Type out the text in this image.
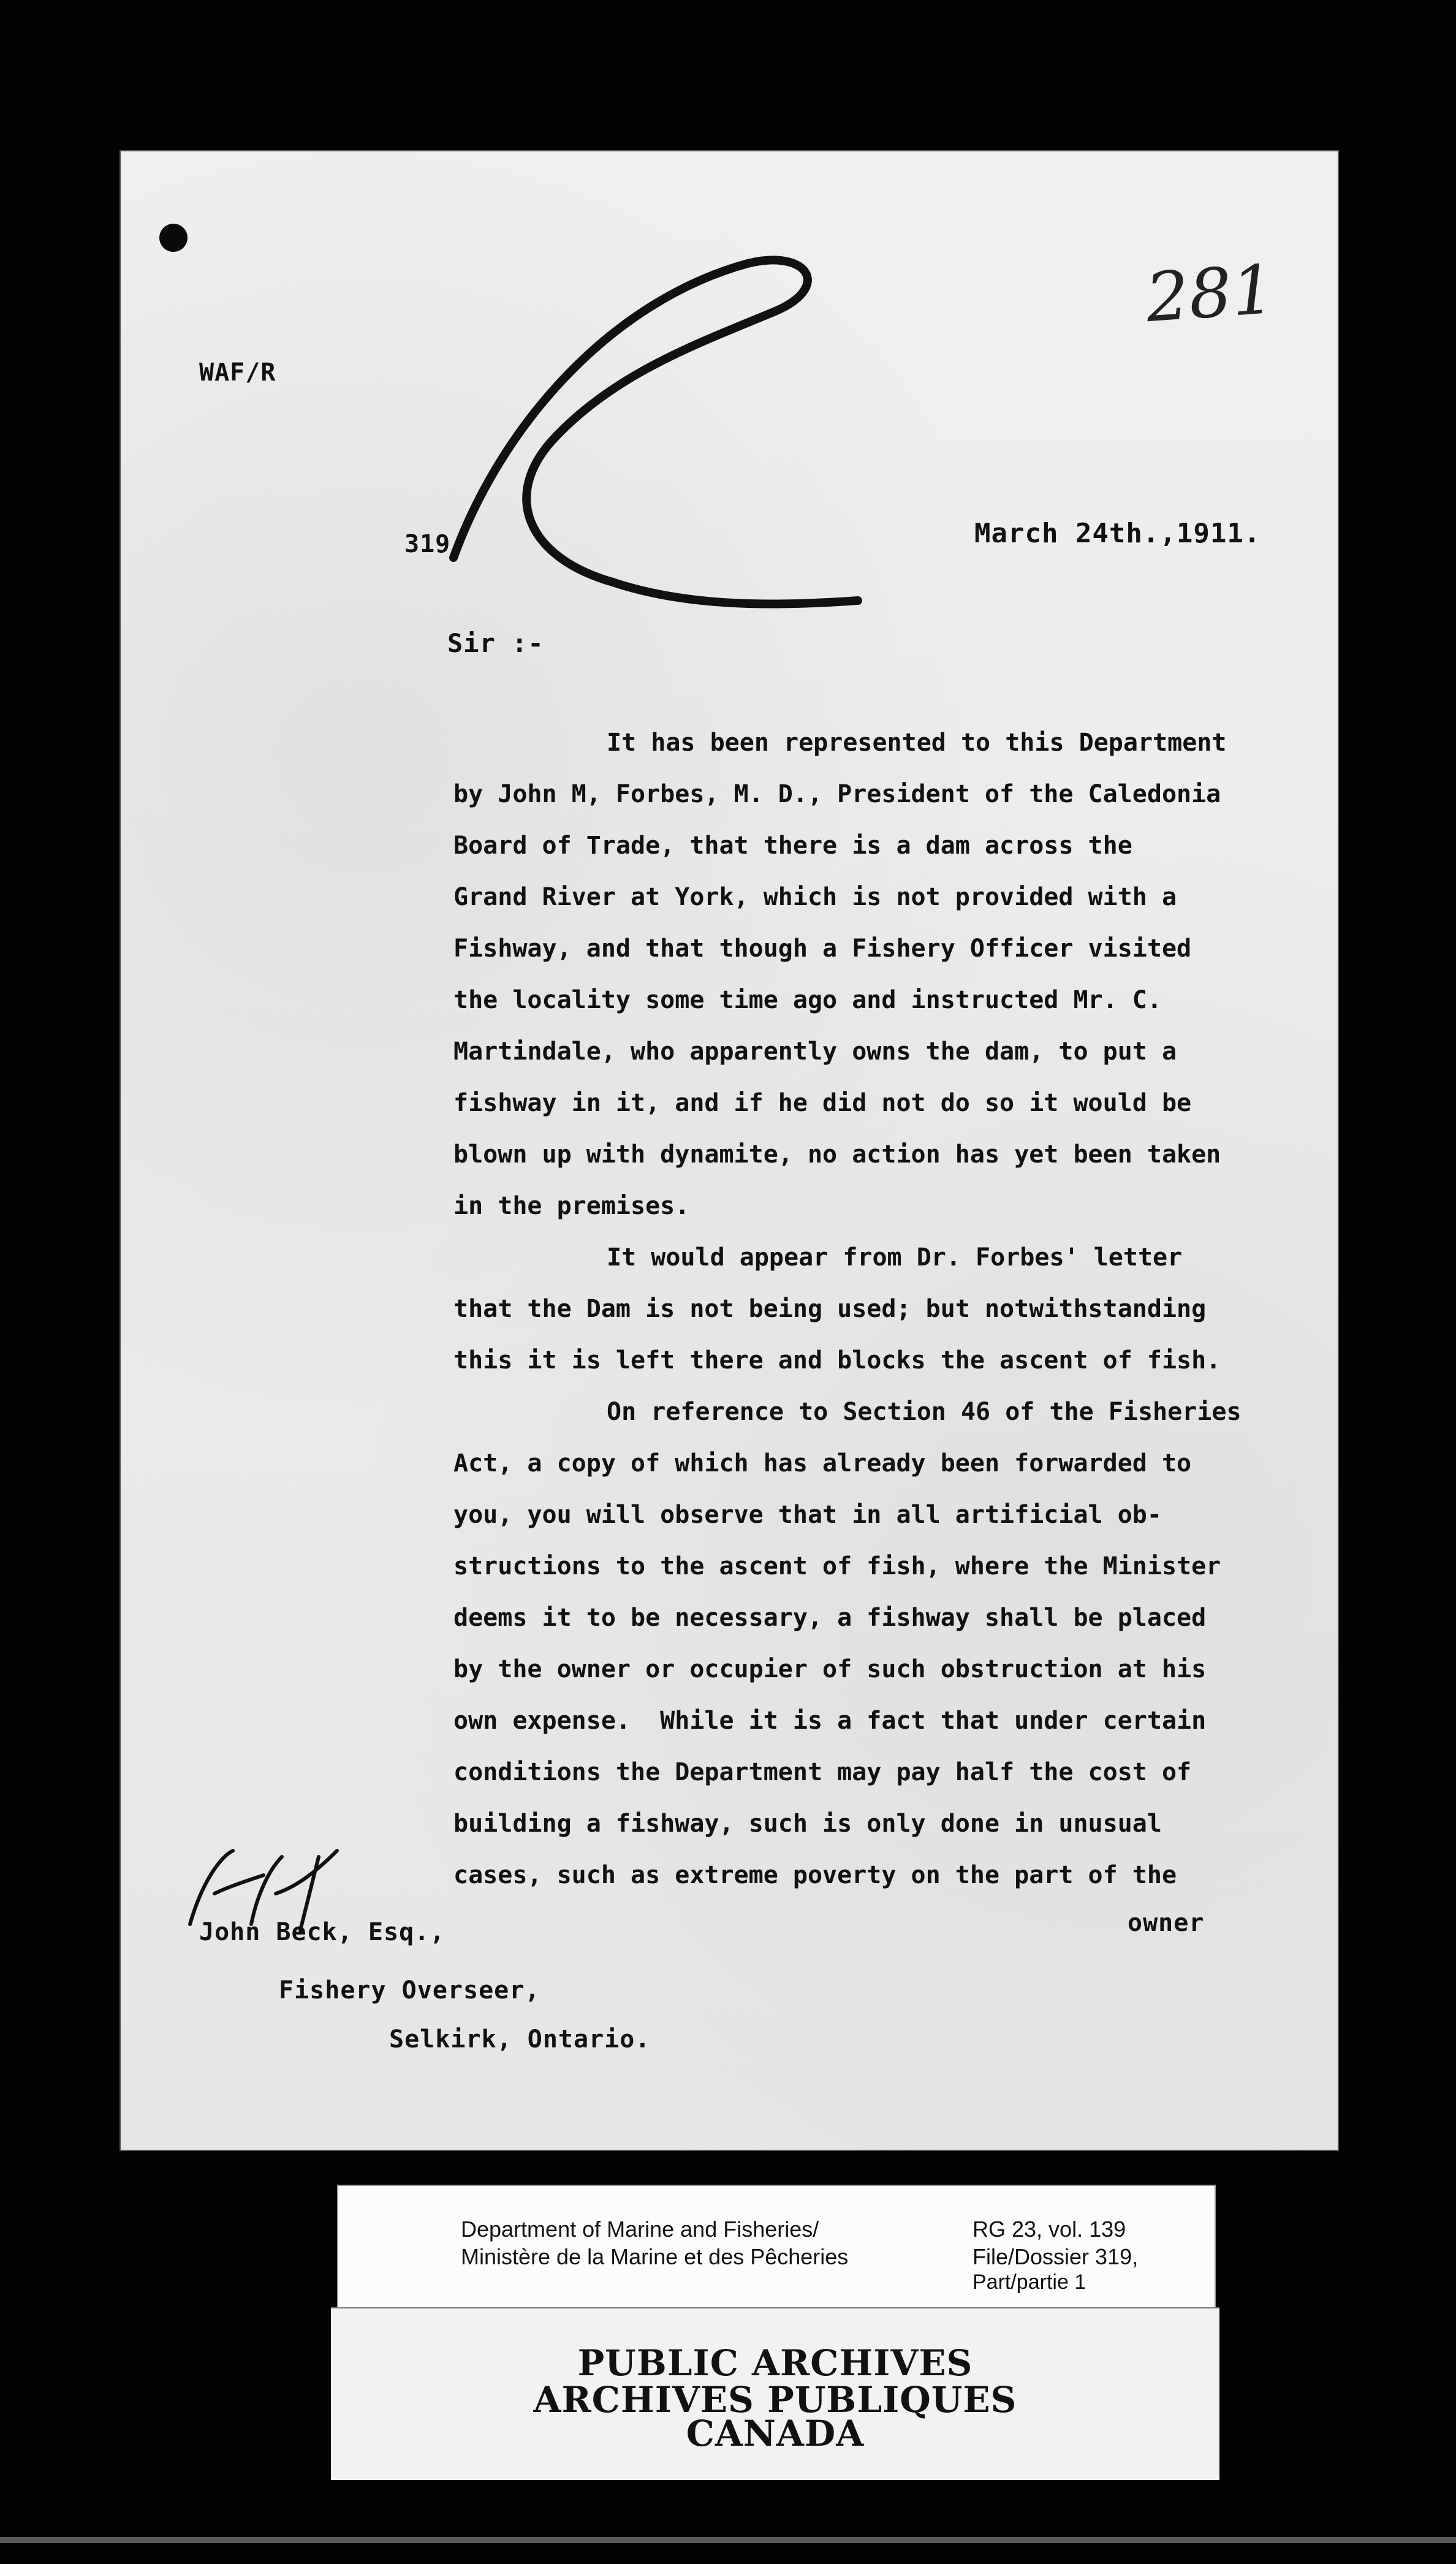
WAF/R
281
319	March 24th.,1911.
Sir :-
It has been represented to this Department
by John M, Forbes, M. D., President of the Caledonia
Board of Trade, that there is a dam across the
Grand River at York, which is not provided with a
Fishway, and that though a Fishery Officer visited
the locality some time ago and instructed Mr. C.
Martindale, who apparently owns the dam, to put a
fishway in it, and if he did not do so it would be
blown up with dynamite, no action has yet been taken
in the premises.
It would appear from Dr. Forbes' letter
that the Dam is not being used; but notwithstanding
this it is left there and blocks the ascent of fish.
On reference to Section 46 of the Fisheries
Act, a copy of which has already been forwarded to
you, you will observe that in all artificial ob-
structions to the ascent of fish, where the Minister
deems it to be necessary, a fishway shall be placed
by the owner or occupier of such obstruction at his
own expense.  While it is a fact that under certain
conditions the Department may pay half the cost of
building a fishway, such is only done in unusual
cases, such as extreme poverty on the part of the
owner
John Beck, Esq.,
Fishery Overseer,
Selkirk, Ontario.
Department of Marine and Fisheries/
Ministère de la Marine et des Pêcheries
RG 23, vol. 139
File/Dossier 319,
Part/partie 1
PUBLIC ARCHIVES
ARCHIVES PUBLIQUES
CANADA
